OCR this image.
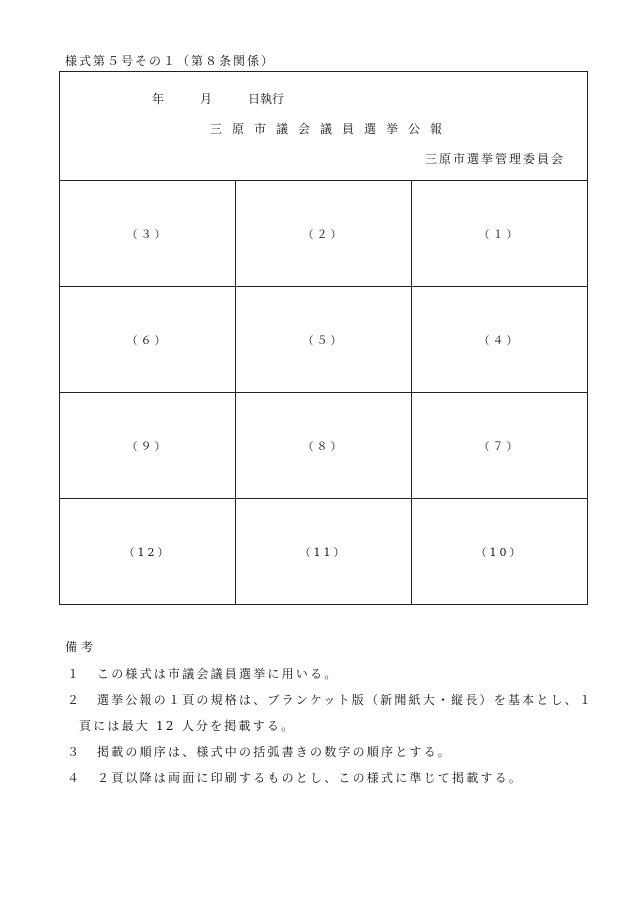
様式第５号その１（第８条関係）
年　　　月　　　日執行
三原市議会議員選挙公報
三原市選挙管理委員会
（３）	（２）	（１）
（６）	（５）	（４）
（９）	（８）	（７）
（12）	（11）	（10）
備考
１ この様式は市議会議員選挙に用いる。
２ 選挙公報の１頁の規格は、ブランケット版（新聞紙大・縦長）を基本とし、１
頁には最大 12 人分を掲載する。
３ 掲載の順序は、様式中の括弧書きの数字の順序とする。
４ ２頁以降は両面に印刷するものとし、この様式に準じて掲載する。
